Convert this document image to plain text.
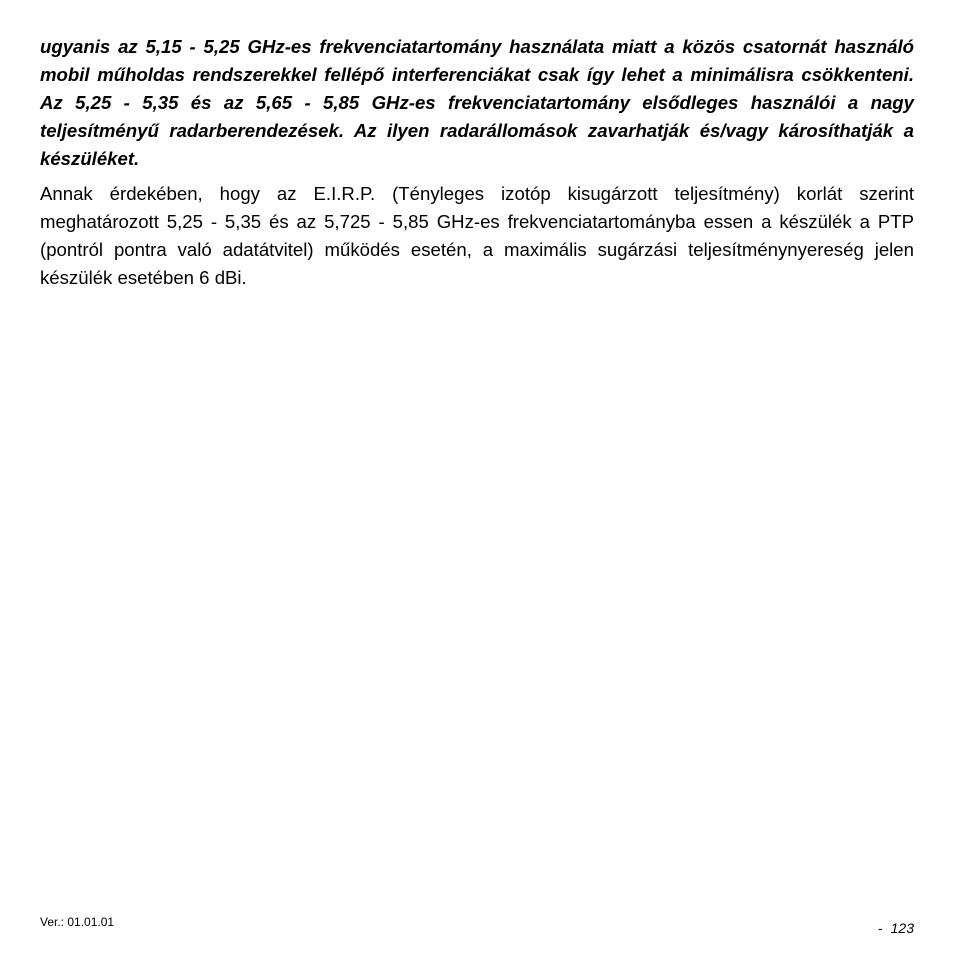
ugyanis az 5,15 - 5,25 GHz-es frekvenciatartomány használata miatt a közös csatornát használó mobil műholdas rendszerekkel fellépő interferenciákat csak így lehet a minimálisra csökkenteni. Az 5,25 - 5,35 és az 5,65 - 5,85 GHz-es frekvenciatartomány elsődleges használói a nagy teljesítményű radarberendezések. Az ilyen radarállomások zavarhatják és/vagy károsíthatják a készüléket.

Annak érdekében, hogy az E.I.R.P. (Tényleges izotóp kisugárzott teljesítmény) korlát szerint meghatározott 5,25 - 5,35 és az 5,725 - 5,85 GHz-es frekvenciatartományba essen a készülék a PTP (pontról pontra való adatátvitel) működés esetén, a maximális sugárzási teljesítménynyereség jelen készülék esetében 6 dBi.

Ver.: 01.01.01	- 123
